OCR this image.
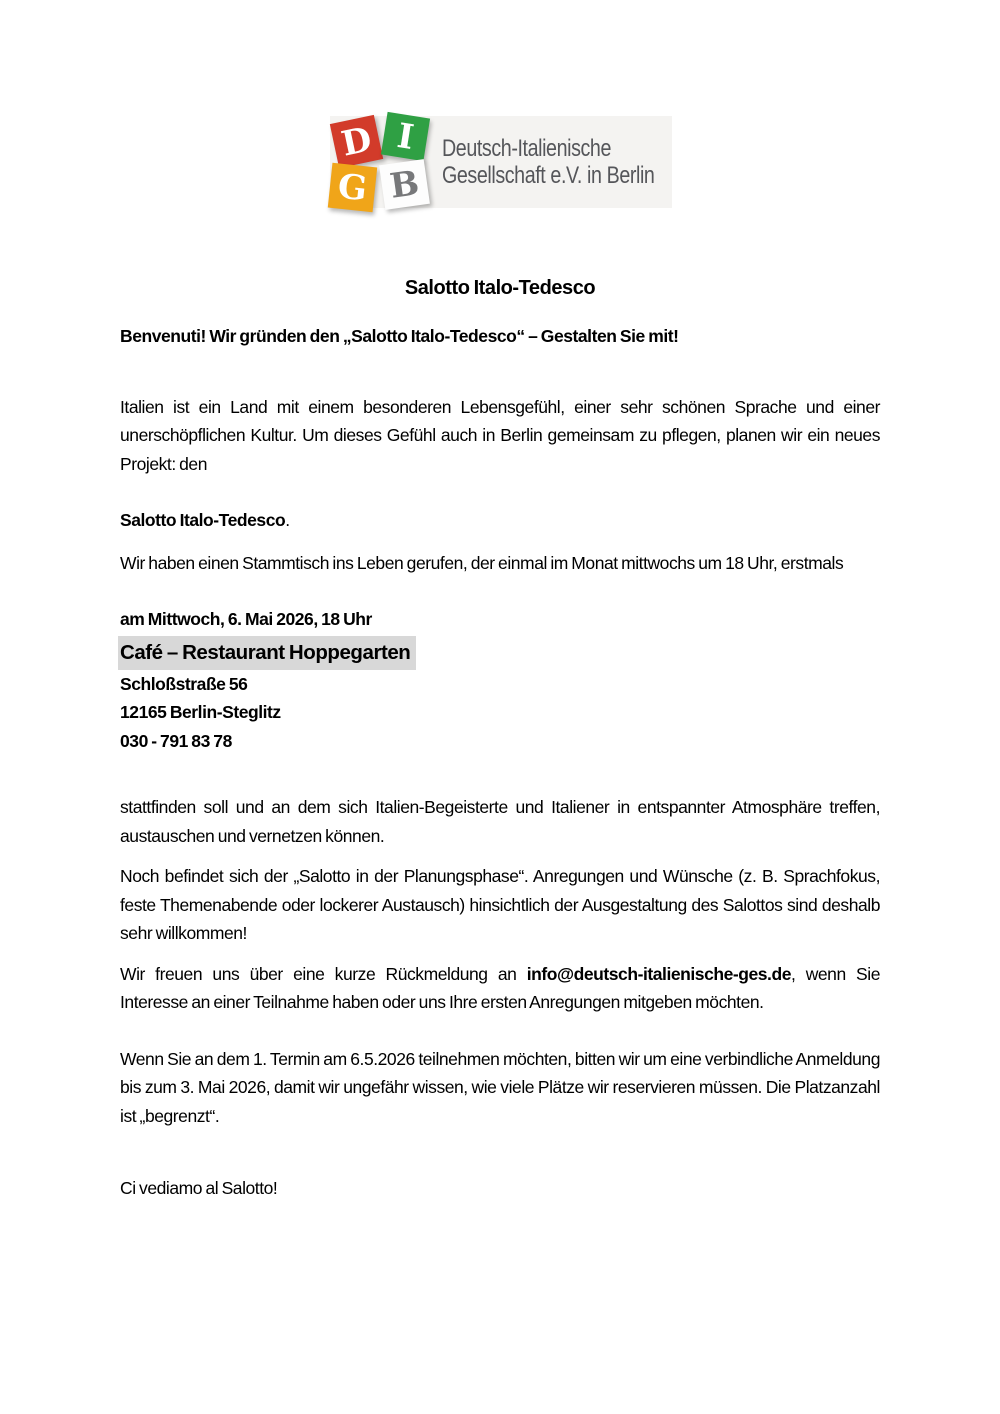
D I
G B
Deutsch-Italienische
Gesellschaft e.V. in Berlin
Salotto Italo-Tedesco
Benvenuti! Wir gründen den „Salotto Italo-Tedesco“ – Gestalten Sie mit!
Italien ist ein Land mit einem besonderen Lebensgefühl, einer sehr schönen Sprache und einer unerschöpflichen Kultur. Um dieses Gefühl auch in Berlin gemeinsam zu pflegen, planen wir ein neues Projekt: den
Salotto Italo-Tedesco.
Wir haben einen Stammtisch ins Leben gerufen, der einmal im Monat mittwochs um 18 Uhr, erstmals
am Mittwoch, 6. Mai 2026, 18 Uhr
Café – Restaurant Hoppegarten
Schloßstraße 56
12165 Berlin-Steglitz
030 - 791 83 78
stattfinden soll und an dem sich Italien-Begeisterte und Italiener in entspannter Atmosphäre treffen, austauschen und vernetzen können.
Noch befindet sich der „Salotto in der Planungsphase“. Anregungen und Wünsche (z. B. Sprachfokus, feste Themenabende oder lockerer Austausch) hinsichtlich der Ausgestaltung des Salottos sind deshalb sehr willkommen!
Wir freuen uns über eine kurze Rückmeldung an info@deutsch-italienische-ges.de, wenn Sie Interesse an einer Teilnahme haben oder uns Ihre ersten Anregungen mitgeben möchten.
Wenn Sie an dem 1. Termin am 6.5.2026 teilnehmen möchten, bitten wir um eine verbindliche Anmeldung bis zum 3. Mai 2026, damit wir ungefähr wissen, wie viele Plätze wir reservieren müssen. Die Platzanzahl ist „begrenzt“.
Ci vediamo al Salotto!
